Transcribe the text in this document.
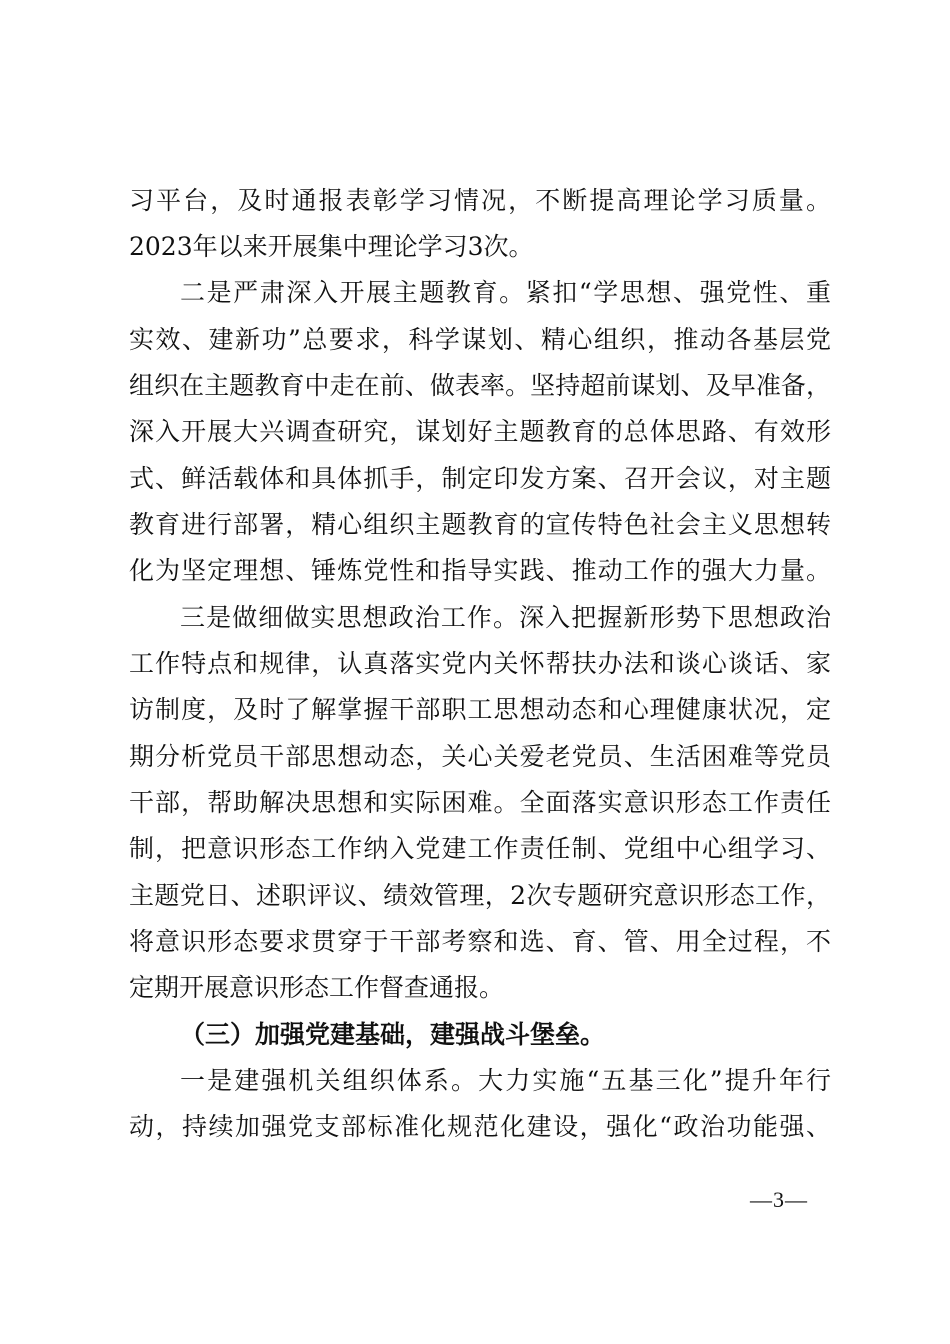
习平台，及时通报表彰学习情况，不断提高理论学习质量。
2023年以来开展集中理论学习3次。
二是严肃深入开展主题教育。紧扣“学思想、强党性、重
实效、建新功”总要求，科学谋划、精心组织，推动各基层党
组织在主题教育中走在前、做表率。坚持超前谋划、及早准备，
深入开展大兴调查研究，谋划好主题教育的总体思路、有效形
式、鲜活载体和具体抓手，制定印发方案、召开会议，对主题
教育进行部署，精心组织主题教育的宣传特色社会主义思想转
化为坚定理想、锤炼党性和指导实践、推动工作的强大力量。
三是做细做实思想政治工作。深入把握新形势下思想政治
工作特点和规律，认真落实党内关怀帮扶办法和谈心谈话、家
访制度，及时了解掌握干部职工思想动态和心理健康状况，定
期分析党员干部思想动态，关心关爱老党员、生活困难等党员
干部，帮助解决思想和实际困难。全面落实意识形态工作责任
制，把意识形态工作纳入党建工作责任制、党组中心组学习、
主题党日、述职评议、绩效管理，2次专题研究意识形态工作，
将意识形态要求贯穿于干部考察和选、育、管、用全过程，不
定期开展意识形态工作督查通报。
（三）加强党建基础，建强战斗堡垒。
一是建强机关组织体系。大力实施“五基三化”提升年行
动，持续加强党支部标准化规范化建设，强化“政治功能强、
—3—
